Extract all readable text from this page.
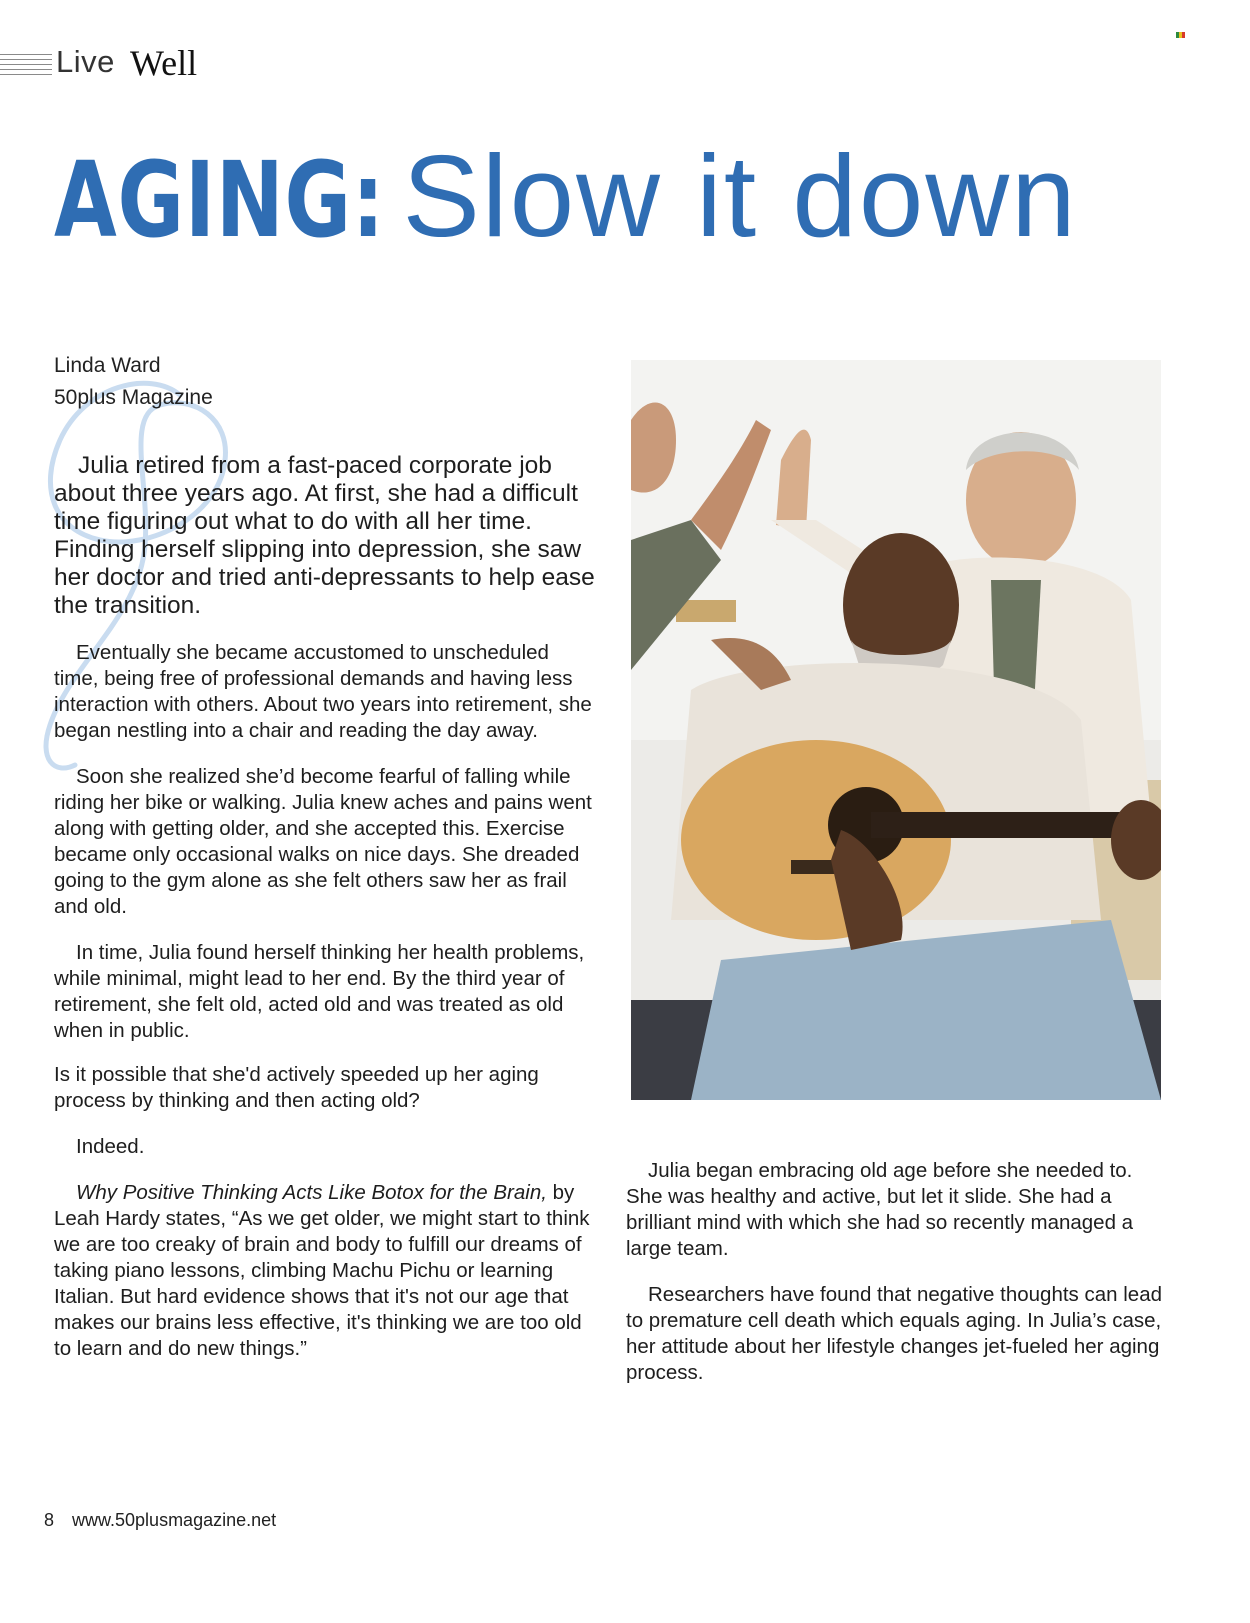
Live Well
AGING: Slow it down
Linda Ward
50plus Magazine

Julia retired from a fast-paced corporate job about three years ago. At first, she had a difficult time figuring out what to do with all her time. Finding herself slipping into depression, she saw her doctor and tried anti-depressants to help ease the transition.

Eventually she became accustomed to unscheduled time, being free of professional demands and having less interaction with others. About two years into retirement, she began nestling into a chair and reading the day away.

Soon she realized she’d become fearful of falling while riding her bike or walking. Julia knew aches and pains went along with getting older, and she accepted this. Exercise became only occasional walks on nice days. She dreaded going to the gym alone as she felt others saw her as frail and old.

In time, Julia found herself thinking her health problems, while minimal, might lead to her end. By the third year of retirement, she felt old, acted old and was treated as old when in public.

Is it possible that she'd actively speeded up her aging process by thinking and then acting old?

Indeed.

Why Positive Thinking Acts Like Botox for the Brain, by Leah Hardy states, “As we get older, we might start to think we are too creaky of brain and body to fulfill our dreams of taking piano lessons, climbing Machu Pichu or learning Italian. But hard evidence shows that it's not our age that makes our brains less effective, it's thinking we are too old to learn and do new things.”

Julia began embracing old age before she needed to. She was healthy and active, but let it slide. She had a brilliant mind with which she had so recently managed a large team.

Researchers have found that negative thoughts can lead to premature cell death which equals aging. In Julia’s case, her attitude about her lifestyle changes jet-fueled her aging process.

8 www.50plusmagazine.net
